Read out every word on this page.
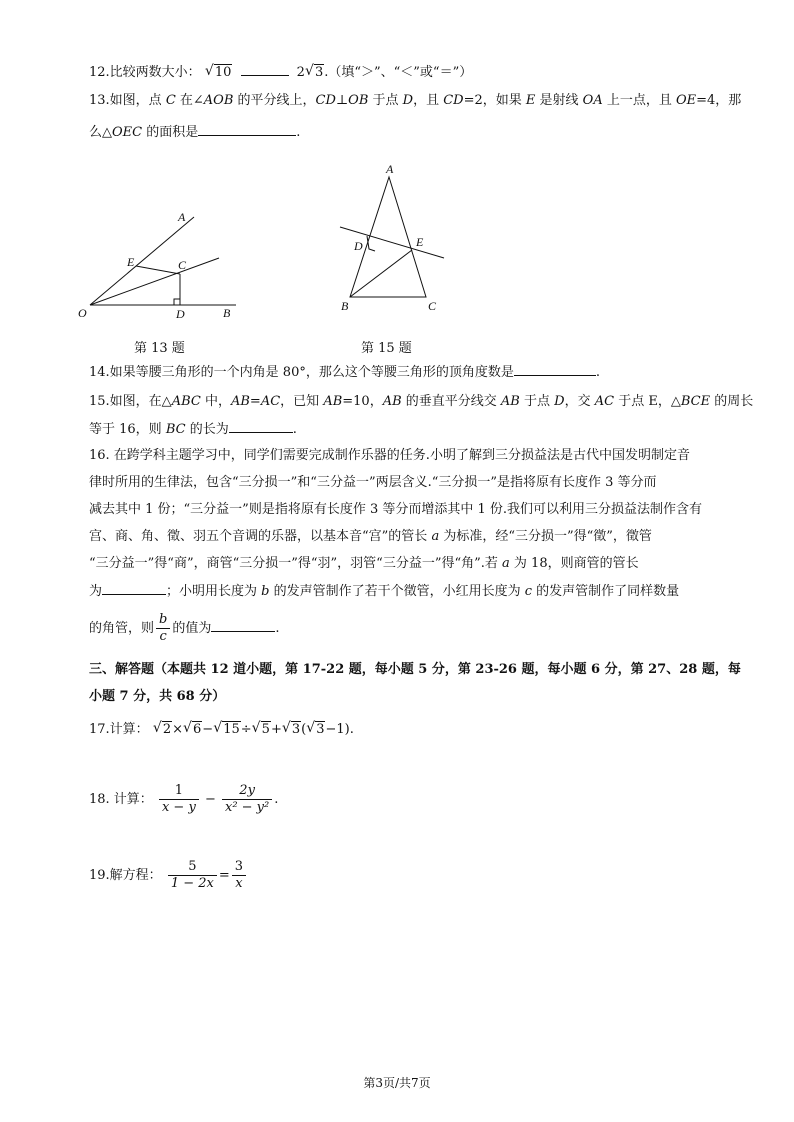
12.比较两数大小： √ 10	2 √ 3.（填“＞”、“＜”或“＝”）
13.如图，点 C 在∠AOB 的平分线上，CD⊥OB 于点 D，且 CD=2，如果 E 是射线 OA 上一点，且 OE=4，那
么△OEC 的面积是	.
A
E	C
O	D	B
第 13 题
A
D	E
B	C
第 15 题
14.如果等腰三角形的一个内角是 80°，那么这个等腰三角形的顶角度数是	.
15.如图，在△ABC 中，AB=AC，已知 AB=10，AB 的垂直平分线交 AB 于点 D，交 AC 于点 E，△BCE 的周长
等于 16，则 BC 的长为	.
16. 在跨学科主题学习中，同学们需要完成制作乐器的任务.小明了解到三分损益法是古代中国发明制定音
律时所用的生律法，包含“三分损一”和“三分益一”两层含义.“三分损一”是指将原有长度作 3 等分而
减去其中 1 份；“三分益一”则是指将原有长度作 3 等分而增添其中 1 份.我们可以利用三分损益法制作含有
宫、商、角、徵、羽五个音调的乐器，以基本音“宫”的管长 a 为标准，经“三分损一”得“徵”，徵管
“三分益一”得“商”，商管“三分损一”得“羽”，羽管“三分益一”得“角”.若 a 为 18，则商管的管长
为	；小明用长度为 b 的发声管制作了若干个徵管，小红用长度为 c 的发声管制作了同样数量
的角管，则 $\frac{b}{c}$ 的值为	.
三、解答题（本题共 12 道小题，第 17-22 题，每小题 5 分，第 23-26 题，每小题 6 分，第 27、28 题，每
小题 7 分，共 68 分）
17.计算： √ 2× √ 6− √ 15÷ √ 5+ √ 3( √ 3−1).
18. 计算： $\frac{1}{x - y} - \frac{2y}{\text{x² − y²}}$ .
19.解方程： $\frac{5}{1 - 2x} = \frac{3}{x}$
第3页/共7页
